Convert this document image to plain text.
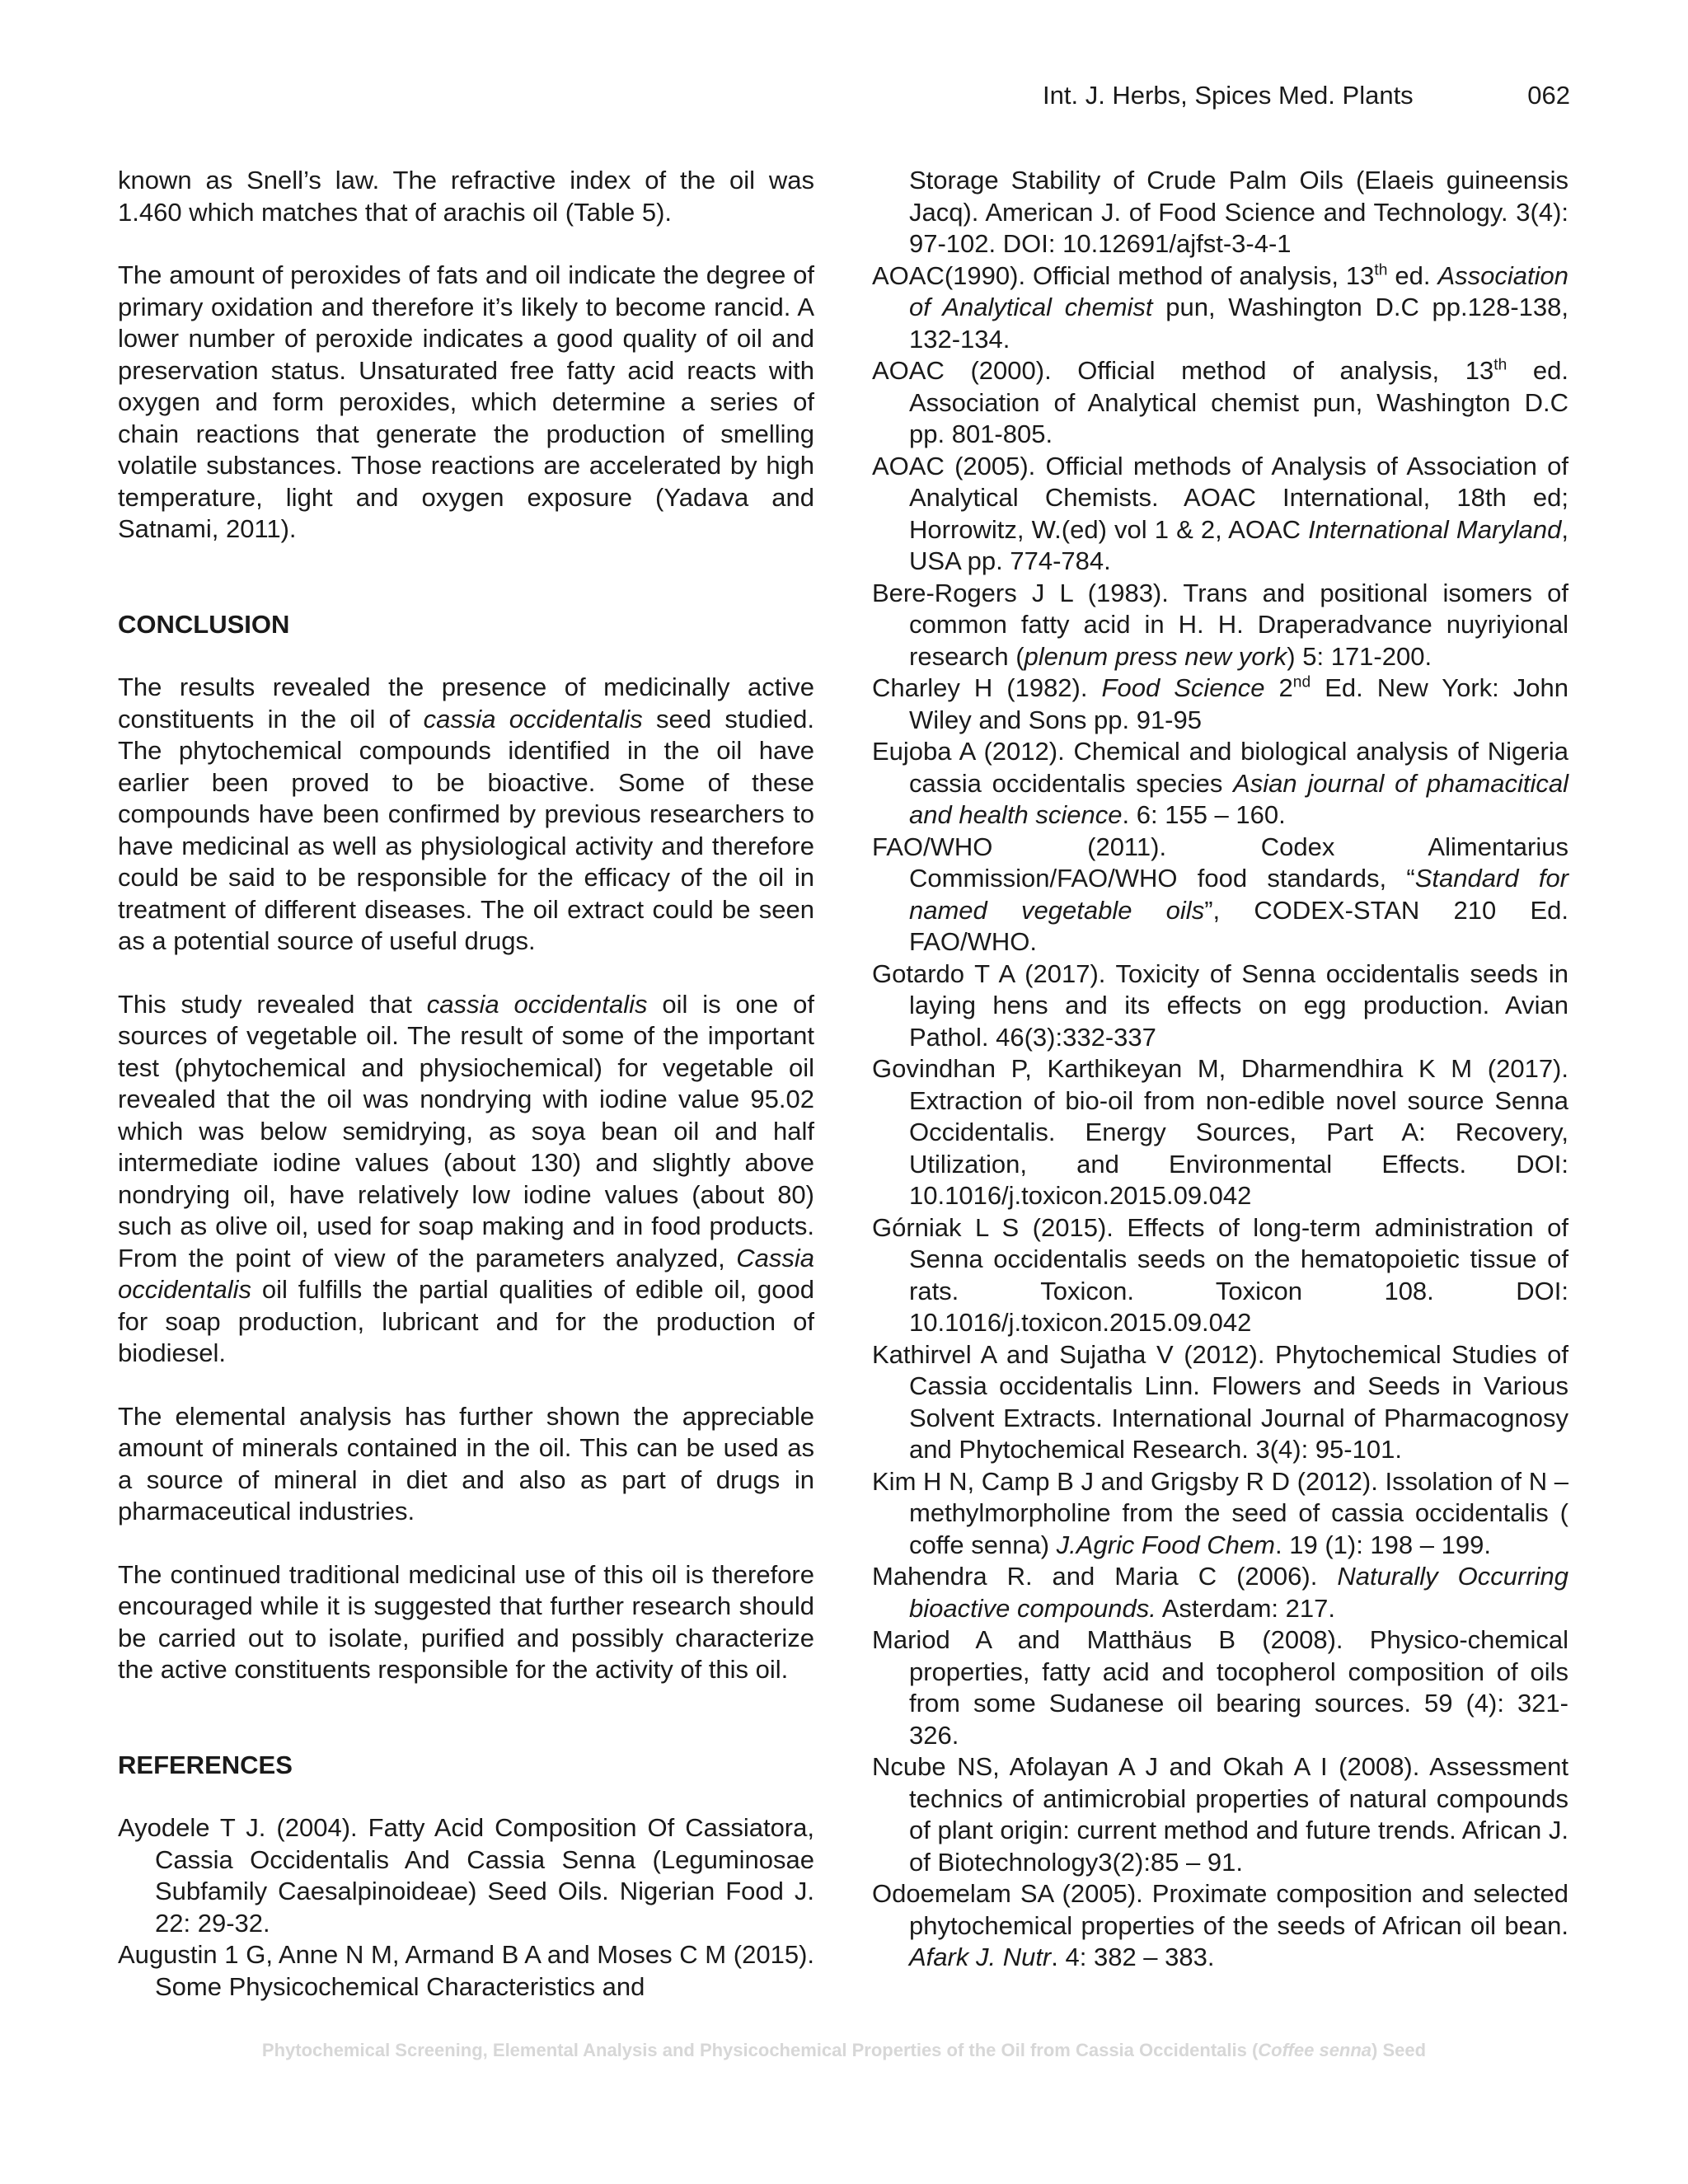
Int. J. Herbs, Spices Med. Plants	062

known as Snell’s law. The refractive index of the oil was 1.460 which matches that of arachis oil (Table 5).

The amount of peroxides of fats and oil indicate the degree of primary oxidation and therefore it’s likely to become rancid. A lower number of peroxide indicates a good quality of oil and preservation status. Unsaturated free fatty acid reacts with oxygen and form peroxides, which determine a series of chain reactions that generate the production of smelling volatile substances. Those reactions are accelerated by high temperature, light and oxygen exposure (Yadava and Satnami, 2011).

CONCLUSION

The results revealed the presence of medicinally active constituents in the oil of cassia occidentalis seed studied. The phytochemical compounds identified in the oil have earlier been proved to be bioactive. Some of these compounds have been confirmed by previous researchers to have medicinal as well as physiological activity and therefore could be said to be responsible for the efficacy of the oil in treatment of different diseases. The oil extract could be seen as a potential source of useful drugs.

This study revealed that cassia occidentalis oil is one of sources of vegetable oil. The result of some of the important test (phytochemical and physiochemical) for vegetable oil revealed that the oil was nondrying with iodine value 95.02 which was below semidrying, as soya bean oil and half intermediate iodine values (about 130) and slightly above nondrying oil, have relatively low iodine values (about 80) such as olive oil, used for soap making and in food products. From the point of view of the parameters analyzed, Cassia occidentalis oil fulfills the partial qualities of edible oil, good for soap production, lubricant and for the production of biodiesel.

The elemental analysis has further shown the appreciable amount of minerals contained in the oil. This can be used as a source of mineral in diet and also as part of drugs in pharmaceutical industries.

The continued traditional medicinal use of this oil is therefore encouraged while it is suggested that further research should be carried out to isolate, purified and possibly characterize the active constituents responsible for the activity of this oil.

REFERENCES

Ayodele T J. (2004). Fatty Acid Composition Of Cassiatora, Cassia Occidentalis And Cassia Senna (Leguminosae Subfamily Caesalpinoideae) Seed Oils. Nigerian Food J. 22: 29-32.

Augustin 1 G, Anne N M, Armand B A and Moses C M (2015). Some Physicochemical Characteristics and

Storage Stability of Crude Palm Oils (Elaeis guineensis Jacq). American J. of Food Science and Technology. 3(4): 97-102. DOI: 10.12691/ajfst-3-4-1

AOAC(1990). Official method of analysis, 13th ed. Association of Analytical chemist pun, Washington D.C pp.128-138, 132-134.

AOAC (2000). Official method of analysis, 13th ed. Association of Analytical chemist pun, Washington D.C pp. 801-805.

AOAC (2005). Official methods of Analysis of Association of Analytical Chemists. AOAC International, 18th ed; Horrowitz, W.(ed) vol 1 & 2, AOAC International Maryland, USA pp. 774-784.

Bere-Rogers J L (1983). Trans and positional isomers of common fatty acid in H. H. Draperadvance nuyriyional research (plenum press new york) 5: 171-200.

Charley H (1982). Food Science 2nd Ed. New York: John Wiley and Sons pp. 91-95

Eujoba A (2012). Chemical and biological analysis of Nigeria cassia occidentalis species Asian journal of phamacitical and health science. 6: 155 – 160.

FAO/WHO (2011). Codex Alimentarius Commission/FAO/WHO food standards, “Standard for named vegetable oils”, CODEX-STAN 210 Ed. FAO/WHO.

Gotardo T A (2017). Toxicity of Senna occidentalis seeds in laying hens and its effects on egg production. Avian Pathol. 46(3):332-337

Govindhan P, Karthikeyan M, Dharmendhira K M (2017). Extraction of bio-oil from non-edible novel source Senna Occidentalis. Energy Sources, Part A: Recovery, Utilization, and Environmental Effects. DOI: 10.1016/j.toxicon.2015.09.042

Górniak L S (2015). Effects of long-term administration of Senna occidentalis seeds on the hematopoietic tissue of rats. Toxicon. Toxicon 108. DOI: 10.1016/j.toxicon.2015.09.042

Kathirvel A and Sujatha V (2012). Phytochemical Studies of Cassia occidentalis Linn. Flowers and Seeds in Various Solvent Extracts. International Journal of Pharmacognosy and Phytochemical Research. 3(4): 95-101.

Kim H N, Camp B J and Grigsby R D (2012). Issolation of N – methylmorpholine from the seed of cassia occidentalis ( coffe senna) J.Agric Food Chem. 19 (1): 198 – 199.

Mahendra R. and Maria C (2006). Naturally Occurring bioactive compounds. Asterdam: 217.

Mariod A and Matthäus B (2008). Physico-chemical properties, fatty acid and tocopherol composition of oils from some Sudanese oil bearing sources. 59 (4): 321-326.

Ncube NS, Afolayan A J and Okah A I (2008). Assessment technics of antimicrobial properties of natural compounds of plant origin: current method and future trends. African J. of Biotechnology3(2):85 – 91.

Odoemelam SA (2005). Proximate composition and selected phytochemical properties of the seeds of African oil bean. Afark J. Nutr. 4: 382 – 383.

Phytochemical Screening, Elemental Analysis and Physicochemical Properties of the Oil from Cassia Occidentalis (Coffee senna) Seed
